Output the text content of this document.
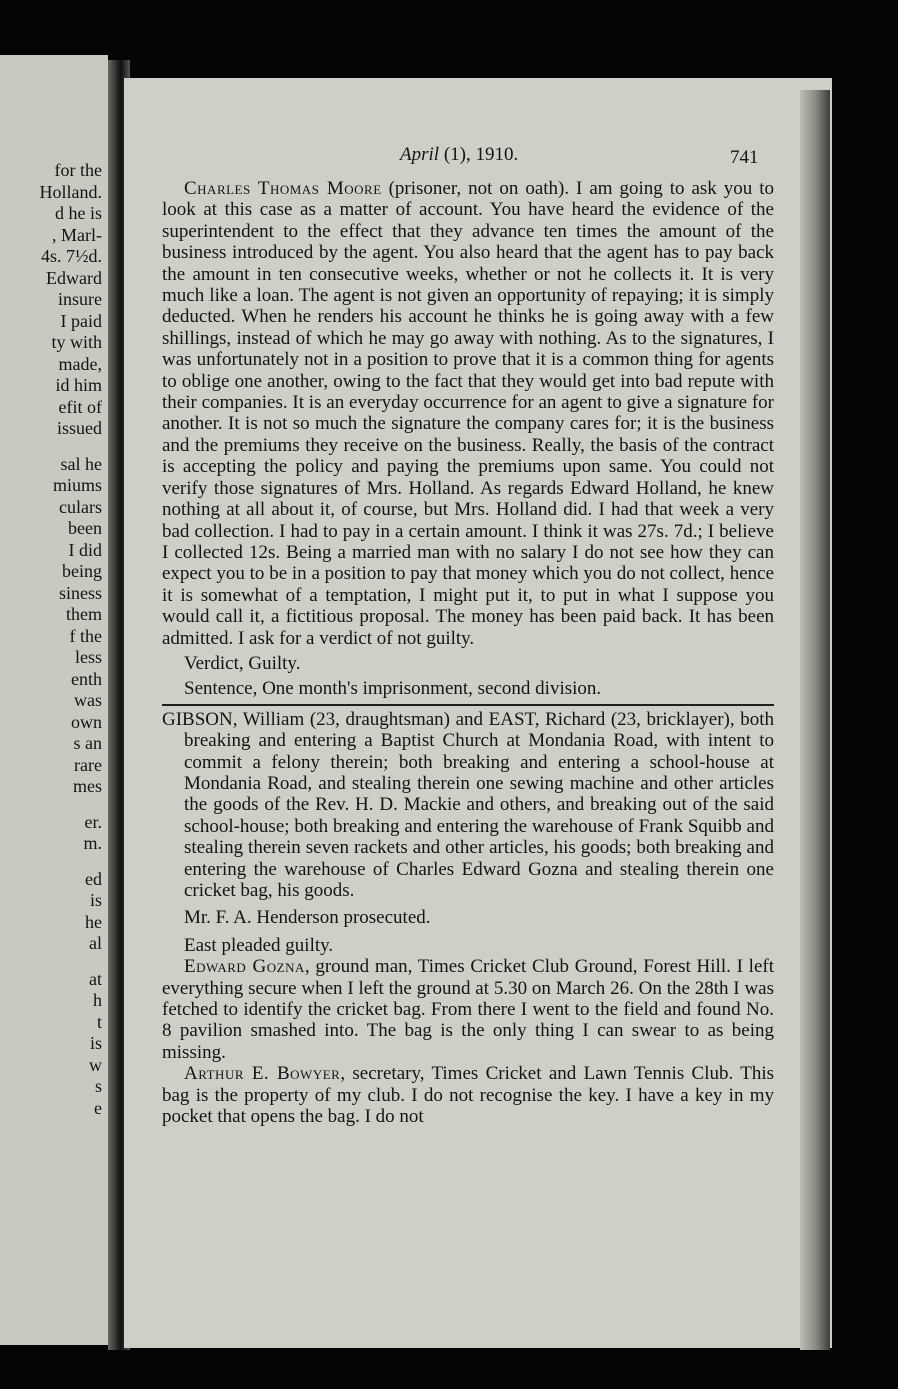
for the
Holland.
d he is
, Marl-
4s. 7½d.
Edward
insure
I paid
ty with
made,
id him
efit of
issued
sal he
miums
culars
been
I did
being
siness
them
f the
less
enth
was
own
s an
rare
mes
er.
m.
ed
is
he
al
at
h
t
is
w
s
e
April (1), 1910.	741

Charles Thomas Moore (prisoner, not on oath). I am going to ask you to look at this case as a matter of account. You have heard the evidence of the superintendent to the effect that they advance ten times the amount of the business introduced by the agent. You also heard that the agent has to pay back the amount in ten consecutive weeks, whether or not he collects it. It is very much like a loan. The agent is not given an opportunity of repaying; it is simply deducted. When he renders his account he thinks he is going away with a few shillings, instead of which he may go away with nothing. As to the signatures, I was unfortunately not in a position to prove that it is a common thing for agents to oblige one another, owing to the fact that they would get into bad repute with their companies. It is an everyday occurrence for an agent to give a signature for another. It is not so much the signature the company cares for; it is the business and the premiums they receive on the business. Really, the basis of the contract is accepting the policy and paying the premiums upon same. You could not verify those signatures of Mrs. Holland. As regards Edward Holland, he knew nothing at all about it, of course, but Mrs. Holland did. I had that week a very bad collection. I had to pay in a certain amount. I think it was 27s. 7d.; I believe I collected 12s. Being a married man with no salary I do not see how they can expect you to be in a position to pay that money which you do not collect, hence it is somewhat of a temptation, I might put it, to put in what I suppose you would call it, a fictitious proposal. The money has been paid back. It has been admitted. I ask for a verdict of not guilty.

Verdict, Guilty.

Sentence, One month's imprisonment, second division.

GIBSON, William (23, draughtsman) and EAST, Richard (23, bricklayer), both breaking and entering a Baptist Church at Mondania Road, with intent to commit a felony therein; both breaking and entering a school-house at Mondania Road, and stealing therein one sewing machine and other articles the goods of the Rev. H. D. Mackie and others, and breaking out of the said school-house; both breaking and entering the warehouse of Frank Squibb and stealing therein seven rackets and other articles, his goods; both breaking and entering the warehouse of Charles Edward Gozna and stealing therein one cricket bag, his goods.

Mr. F. A. Henderson prosecuted.

East pleaded guilty.

Edward Gozna, ground man, Times Cricket Club Ground, Forest Hill. I left everything secure when I left the ground at 5.30 on March 26. On the 28th I was fetched to identify the cricket bag. From there I went to the field and found No. 8 pavilion smashed into. The bag is the only thing I can swear to as being missing.

Arthur E. Bowyer, secretary, Times Cricket and Lawn Tennis Club. This bag is the property of my club. I do not recognise the key. I have a key in my pocket that opens the bag. I do not
